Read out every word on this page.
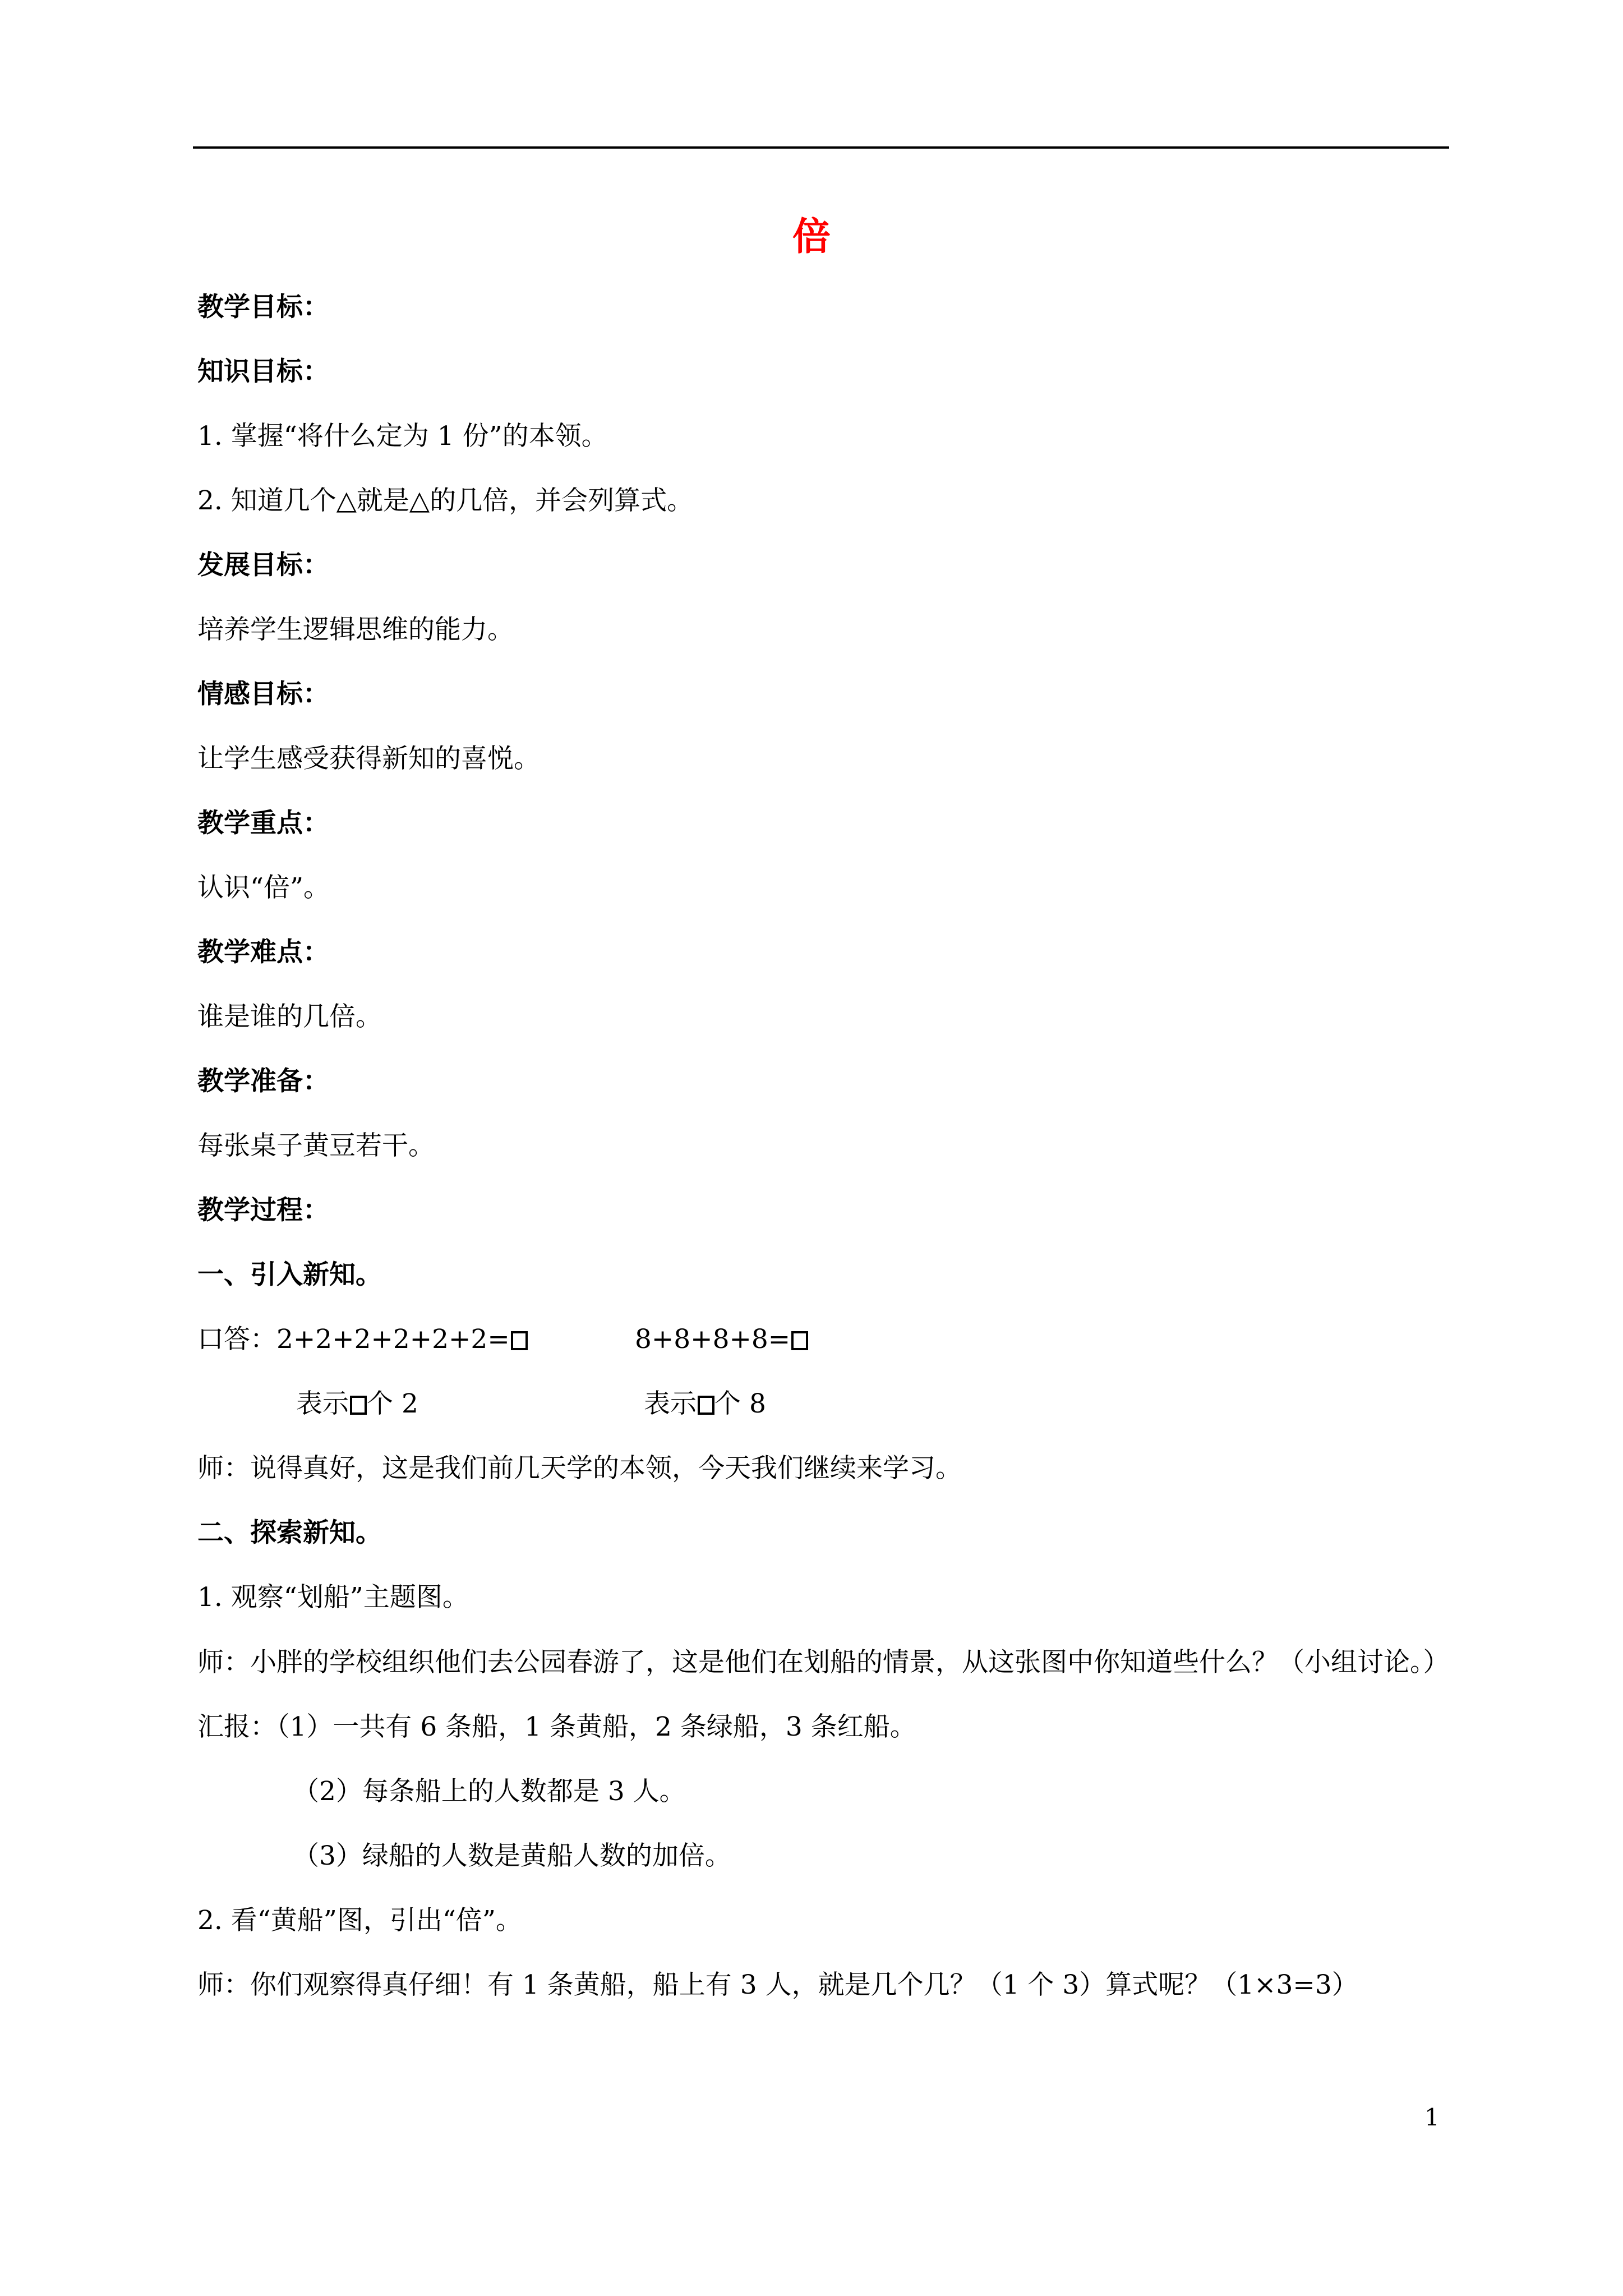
倍
教学目标：
知识目标：
1. 掌握“将什么定为 1 份”的本领。
2. 知道几个△就是△的几倍，并会列算式。
发展目标：
培养学生逻辑思维的能力。
情感目标：
让学生感受获得新知的喜悦。
教学重点：
认识“倍”。
教学难点：
谁是谁的几倍。
教学准备：
每张桌子黄豆若干。
教学过程：
一、引入新知。
口答：2+2+2+2+2+2=	8+8+8+8=
表示 个 2	表示 个 8
师：说得真好，这是我们前几天学的本领，今天我们继续来学习。
二、探索新知。
1. 观察“划船”主题图。
师：小胖的学校组织他们去公园春游了，这是他们在划船的情景，从这张图中你知道些什么？（小组讨论。）
汇报：（1）一共有 6 条船，1 条黄船，2 条绿船，3 条红船。
（2）每条船上的人数都是 3 人。
（3）绿船的人数是黄船人数的加倍。
2. 看“黄船”图，引出“倍”。
师：你们观察得真仔细！有 1 条黄船，船上有 3 人，就是几个几？（1 个 3）算式呢？（1×3=3）
1
